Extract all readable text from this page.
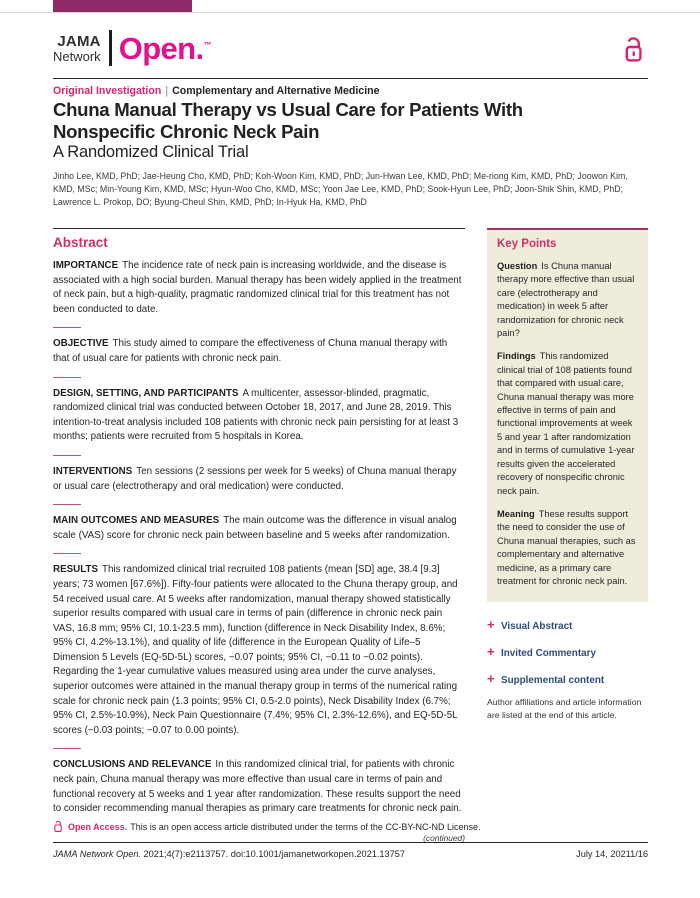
JAMA
Network Open.™
Original Investigation | Complementary and Alternative Medicine
Chuna Manual Therapy vs Usual Care for Patients With Nonspecific Chronic Neck Pain
A Randomized Clinical Trial

Jinho Lee, KMD, PhD; Jae-Heung Cho, KMD, PhD; Koh-Woon Kim, KMD, PhD; Jun-Hwan Lee, KMD, PhD; Me-riong Kim, KMD, PhD; Joowon Kim, KMD, MSc; Min-Young Kim, KMD, MSc; Hyun-Woo Cho, KMD, MSc; Yoon Jae Lee, KMD, PhD; Sook-Hyun Lee, PhD; Joon-Shik Shin, KMD, PhD; Lawrence L. Prokop, DO; Byung-Cheul Shin, KMD, PhD; In-Hyuk Ha, KMD, PhD

Abstract

IMPORTANCE The incidence rate of neck pain is increasing worldwide, and the disease is associated with a high social burden. Manual therapy has been widely applied in the treatment of neck pain, but a high-quality, pragmatic randomized clinical trial for this treatment has not been conducted to date.

OBJECTIVE This study aimed to compare the effectiveness of Chuna manual therapy with that of usual care for patients with chronic neck pain.

DESIGN, SETTING, AND PARTICIPANTS A multicenter, assessor-blinded, pragmatic, randomized clinical trial was conducted between October 18, 2017, and June 28, 2019. This intention-to-treat analysis included 108 patients with chronic neck pain persisting for at least 3 months; patients were recruited from 5 hospitals in Korea.

INTERVENTIONS Ten sessions (2 sessions per week for 5 weeks) of Chuna manual therapy or usual care (electrotherapy and oral medication) were conducted.

MAIN OUTCOMES AND MEASURES The main outcome was the difference in visual analog scale (VAS) score for chronic neck pain between baseline and 5 weeks after randomization.

RESULTS This randomized clinical trial recruited 108 patients (mean [SD] age, 38.4 [9.3] years; 73 women [67.6%]). Fifty-four patients were allocated to the Chuna therapy group, and 54 received usual care. At 5 weeks after randomization, manual therapy showed statistically superior results compared with usual care in terms of pain (difference in chronic neck pain VAS, 16.8 mm; 95% CI, 10.1-23.5 mm), function (difference in Neck Disability Index, 8.6%; 95% CI, 4.2%-13.1%), and quality of life (difference in the European Quality of Life–5 Dimension 5 Levels (EQ-5D-5L) scores, −0.07 points; 95% CI, −0.11 to −0.02 points). Regarding the 1-year cumulative values measured using area under the curve analyses, superior outcomes were attained in the manual therapy group in terms of the numerical rating scale for chronic neck pain (1.3 points; 95% CI, 0.5-2.0 points), Neck Disability Index (6.7%; 95% CI, 2.5%-10.9%), Neck Pain Questionnaire (7.4%; 95% CI, 2.3%-12.6%), and EQ-5D-5L scores (−0.03 points; −0.07 to 0.00 points).

CONCLUSIONS AND RELEVANCE In this randomized clinical trial, for patients with chronic neck pain, Chuna manual therapy was more effective than usual care in terms of pain and functional recovery at 5 weeks and 1 year after randomization. These results support the need to consider recommending manual therapies as primary care treatments for chronic neck pain.

(continued)

Key Points

Question Is Chuna manual therapy more effective than usual care (electrotherapy and medication) in week 5 after randomization for chronic neck pain?

Findings This randomized clinical trial of 108 patients found that compared with usual care, Chuna manual therapy was more effective in terms of pain and functional improvements at week 5 and year 1 after randomization and in terms of cumulative 1-year results given the accelerated recovery of nonspecific chronic neck pain.

Meaning These results support the need to consider the use of Chuna manual therapies, such as complementary and alternative medicine, as a primary care treatment for chronic neck pain.

+ Visual Abstract
+ Invited Commentary
+ Supplemental content

Author affiliations and article information are listed at the end of this article.

Open Access. This is an open access article distributed under the terms of the CC-BY-NC-ND License.
JAMA Network Open. 2021;4(7):e2113757. doi:10.1001/jamanetworkopen.2021.13757	July 14, 20211/16
